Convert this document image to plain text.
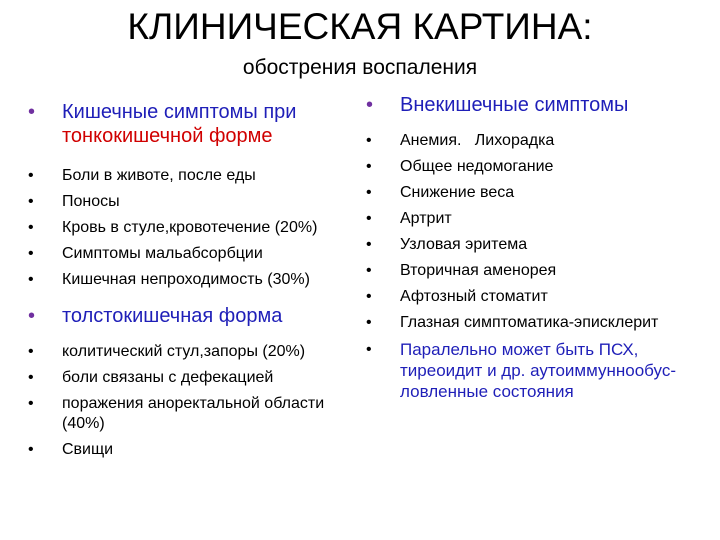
КЛИНИЧЕСКАЯ КАРТИНА:
обострения воспаления
• Кишечные симптомы при тонкокишечной форме
• Боли в животе, после еды
• Поносы
• Кровь в стуле,кровотечение (20%)
• Симптомы мальабсорбции
• Кишечная непроходимость (30%)
• толстокишечная форма
• колитический стул,запоры (20%)
• боли связаны с дефекацией
• поражения аноректальной области (40%)
• Свищи
• Внекишечные симптомы
• Анемия.   Лихорадка
• Общее недомогание
• Снижение веса
• Артрит
• Узловая эритема
• Вторичная аменорея
• Афтозный стоматит
• Глазная симптоматика-эписклерит
• Паралельно может быть ПСХ, тиреоидит и др. аутоиммуннообус-ловленные состояния
